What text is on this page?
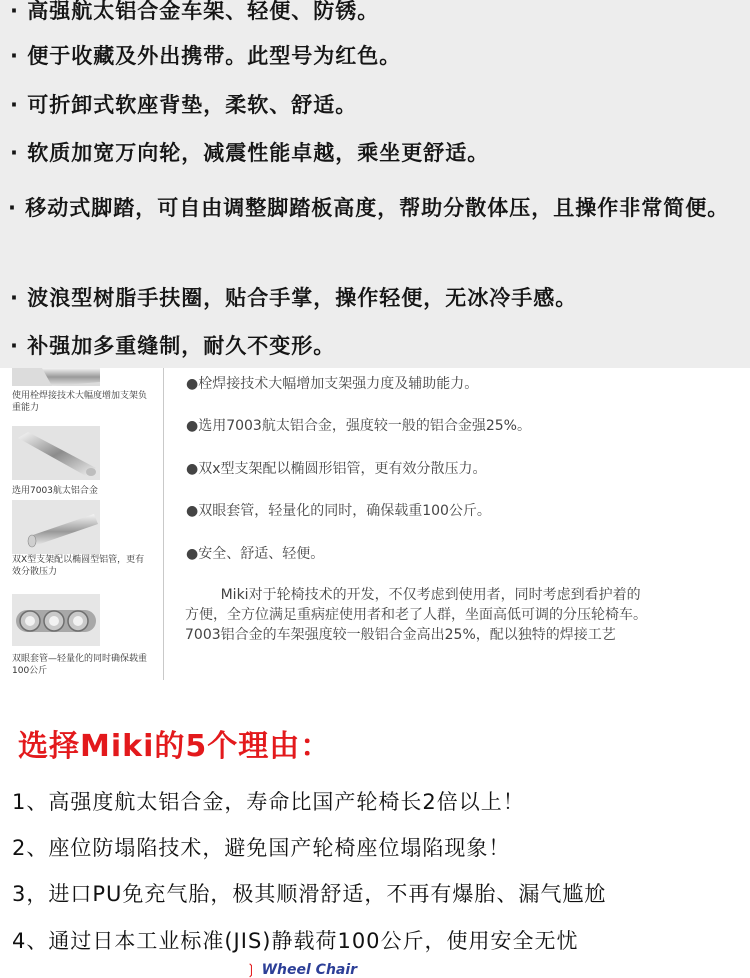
· 高强航太铝合金车架、轻便、防锈。
· 便于收藏及外出携带。此型号为红色。
· 可折卸式软座背垫，柔软、舒适。
· 软质加宽万向轮，减震性能卓越，乘坐更舒适。
· 移动式脚踏，可自由调整脚踏板高度，帮助分散体压，且操作非常简便。
· 波浪型树脂手扶圈，贴合手掌，操作轻便，无冰冷手感。
· 补强加多重缝制，耐久不变形。
使用栓焊接技术大幅度增加支架负重能力
选用7003航太铝合金
双X型支架配以椭圆型铝管，更有效分散压力
双眼套管—轻量化的同时确保载重100公斤
●栓焊接技术大幅增加支架强力度及辅助能力。
●选用7003航太铝合金，强度较一般的铝合金强25%。
●双x型支架配以椭圆形铝管，更有效分散压力。
●双眼套管，轻量化的同时，确保载重100公斤。
●安全、舒适、轻便。
Miki对于轮椅技术的开发，不仅考虑到使用者，同时考虑到看护着的
方便，全方位满足重病症使用者和老了人群，坐面高低可调的分压轮椅车。
7003铝合金的车架强度较一般铝合金高出25%，配以独特的焊接工艺
选择Miki的5个理由：
1、高强度航太铝合金，寿命比国产轮椅长2倍以上！
2、座位防塌陷技术，避免国产轮椅座位塌陷现象！
3，进口PU免充气胎，极其顺滑舒适，不再有爆胎、漏气尴尬
4、通过日本工业标准(JIS)静载荷100公斤，使用安全无忧
❳ Wheel Chair
